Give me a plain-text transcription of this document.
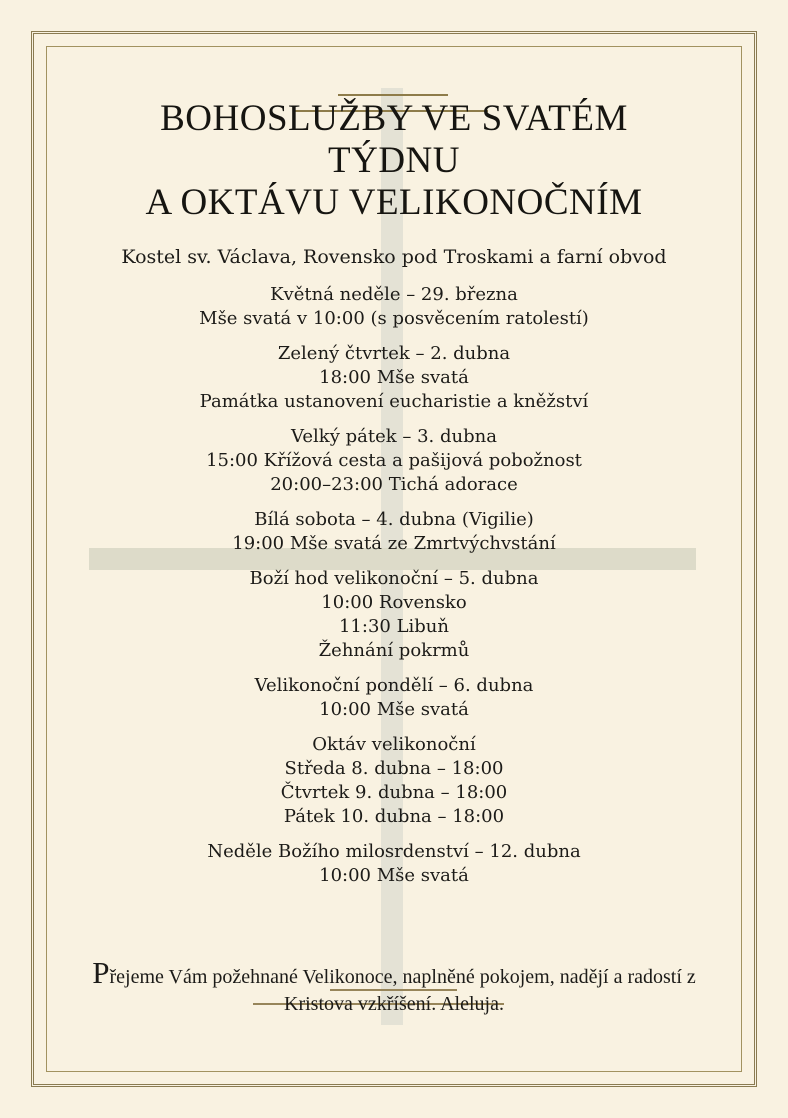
BOHOSLUŽBY VE SVATÉM
TÝDNU
A OKTÁVU VELIKONOČNÍM
Kostel sv. Václava, Rovensko pod Troskami a farní obvod
Květná neděle – 29. března
Mše svatá v 10:00 (s posvěcením ratolestí)
Zelený čtvrtek – 2. dubna
18:00 Mše svatá
Památka ustanovení eucharistie a kněžství
Velký pátek – 3. dubna
15:00 Křížová cesta a pašijová pobožnost
20:00–23:00 Tichá adorace
Bílá sobota – 4. dubna (Vigilie)
19:00 Mše svatá ze Zmrtvýchvstání
Boží hod velikonoční – 5. dubna
10:00 Rovensko
11:30 Libuň
Žehnání pokrmů
Velikonoční pondělí – 6. dubna
10:00 Mše svatá
Oktáv velikonoční
Středa 8. dubna – 18:00
Čtvrtek 9. dubna – 18:00
Pátek 10. dubna – 18:00
Neděle Božího milosrdenství – 12. dubna
10:00 Mše svatá
Přejeme Vám požehnané Velikonoce, naplněné pokojem, nadějí a radostí z Kristova vzkříšení. Aleluja.
